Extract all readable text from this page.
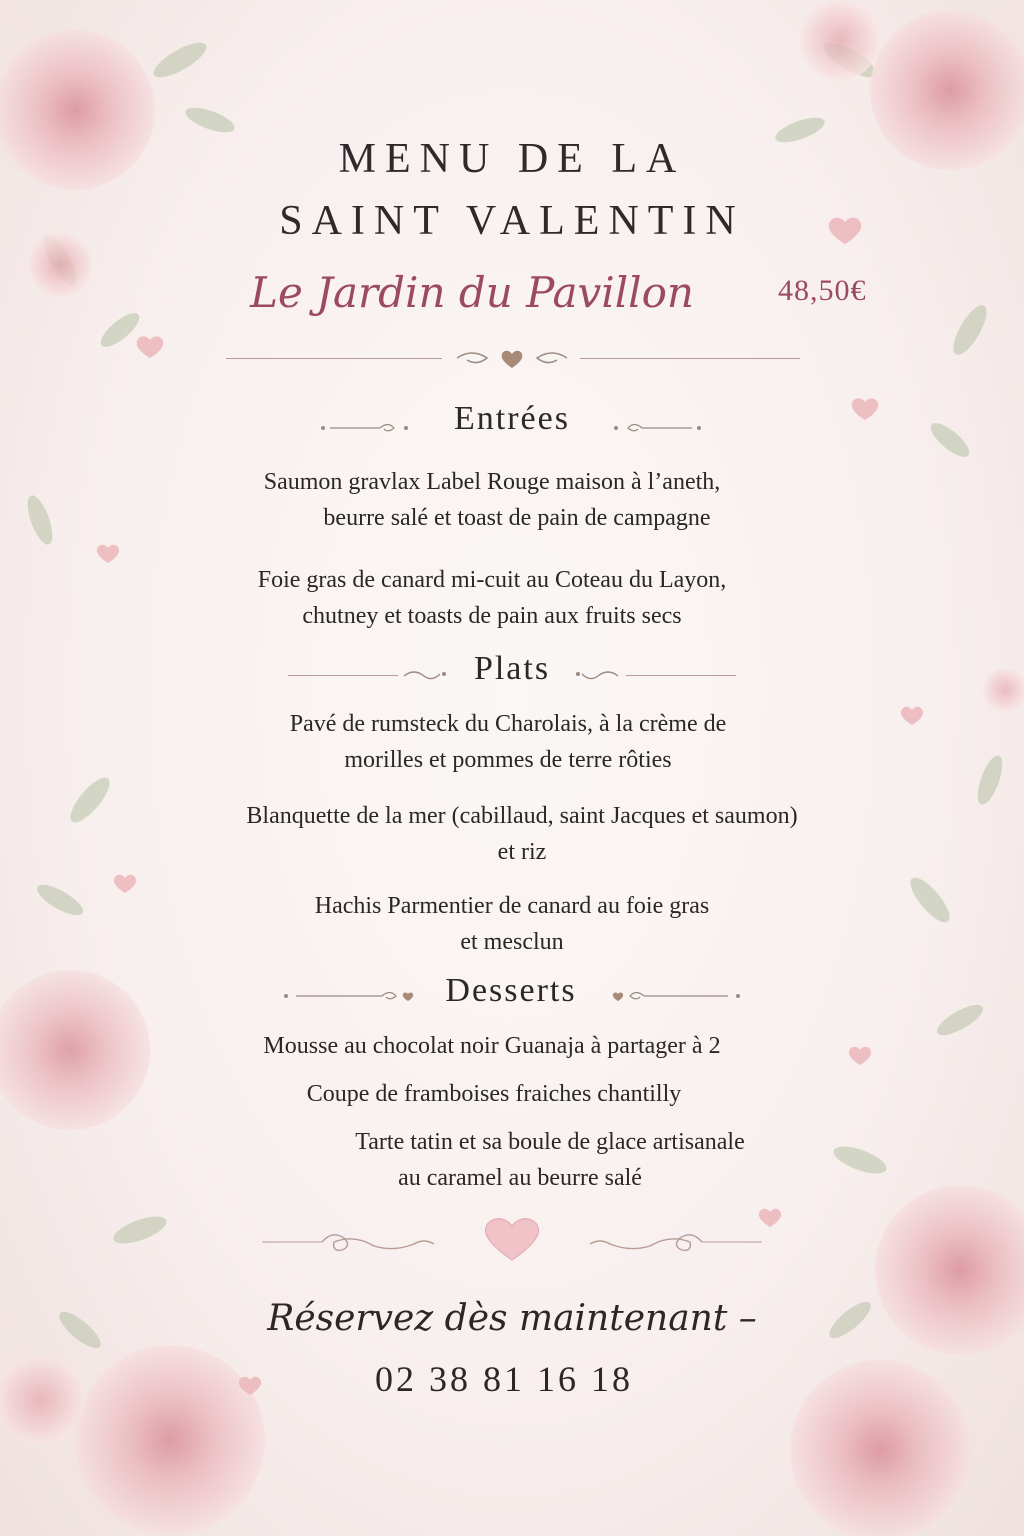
MENU DE LA
SAINT VALENTIN
Le Jardin du Pavillon	48,50€
Entrées
Saumon gravlax Label Rouge maison à l’aneth,
beurre salé et toast de pain de campagne
Foie gras de canard mi-cuit au Coteau du Layon,
chutney et toasts de pain aux fruits secs
Plats
Pavé de rumsteck du Charolais, à la crème de
morilles et pommes de terre rôties
Blanquette de la mer (cabillaud, saint Jacques et saumon)
et riz
Hachis Parmentier de canard au foie gras
et mesclun
Desserts
Mousse au chocolat noir Guanaja à partager à 2
Coupe de framboises fraiches chantilly
Tarte tatin et sa boule de glace artisanale
au caramel au beurre salé
Réservez dès maintenant –
02 38 81 16 18
